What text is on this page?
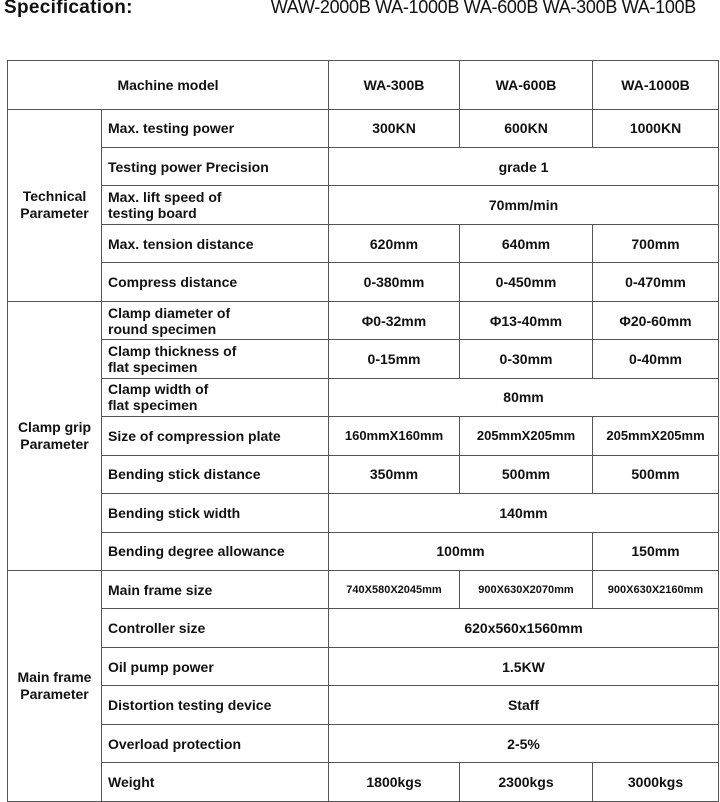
Specification:	WAW-2000B WA-1000B WA-600B WA-300B WA-100B
Machine model		WA-300B	WA-600B	WA-1000B
Technical
Parameter	Max. testing power	300KN	600KN	1000KN
	Testing power Precision	grade 1		
	Max. lift speed of
testing board	70mm/min		
	Max. tension distance	620mm	640mm	700mm
	Compress distance	0-380mm	0-450mm	0-470mm
Clamp grip
Parameter	Clamp diameter of
round specimen	Φ0-32mm	Φ13-40mm	Φ20-60mm
	Clamp thickness of
flat specimen	0-15mm	0-30mm	0-40mm
	Clamp width of
flat specimen	80mm		
	Size of compression plate	160mmX160mm	205mmX205mm	205mmX205mm
	Bending stick distance	350mm	500mm	500mm
	Bending stick width	140mm		
	Bending degree allowance	100mm		150mm
Main frame
Parameter	Main frame size	740X580X2045mm	900X630X2070mm	900X630X2160mm
	Controller size	620x560x1560mm		
	Oil pump power	1.5KW		
	Distortion testing device	Staff		
	Overload protection	2-5%		
	Weight	1800kgs	2300kgs	3000kgs
